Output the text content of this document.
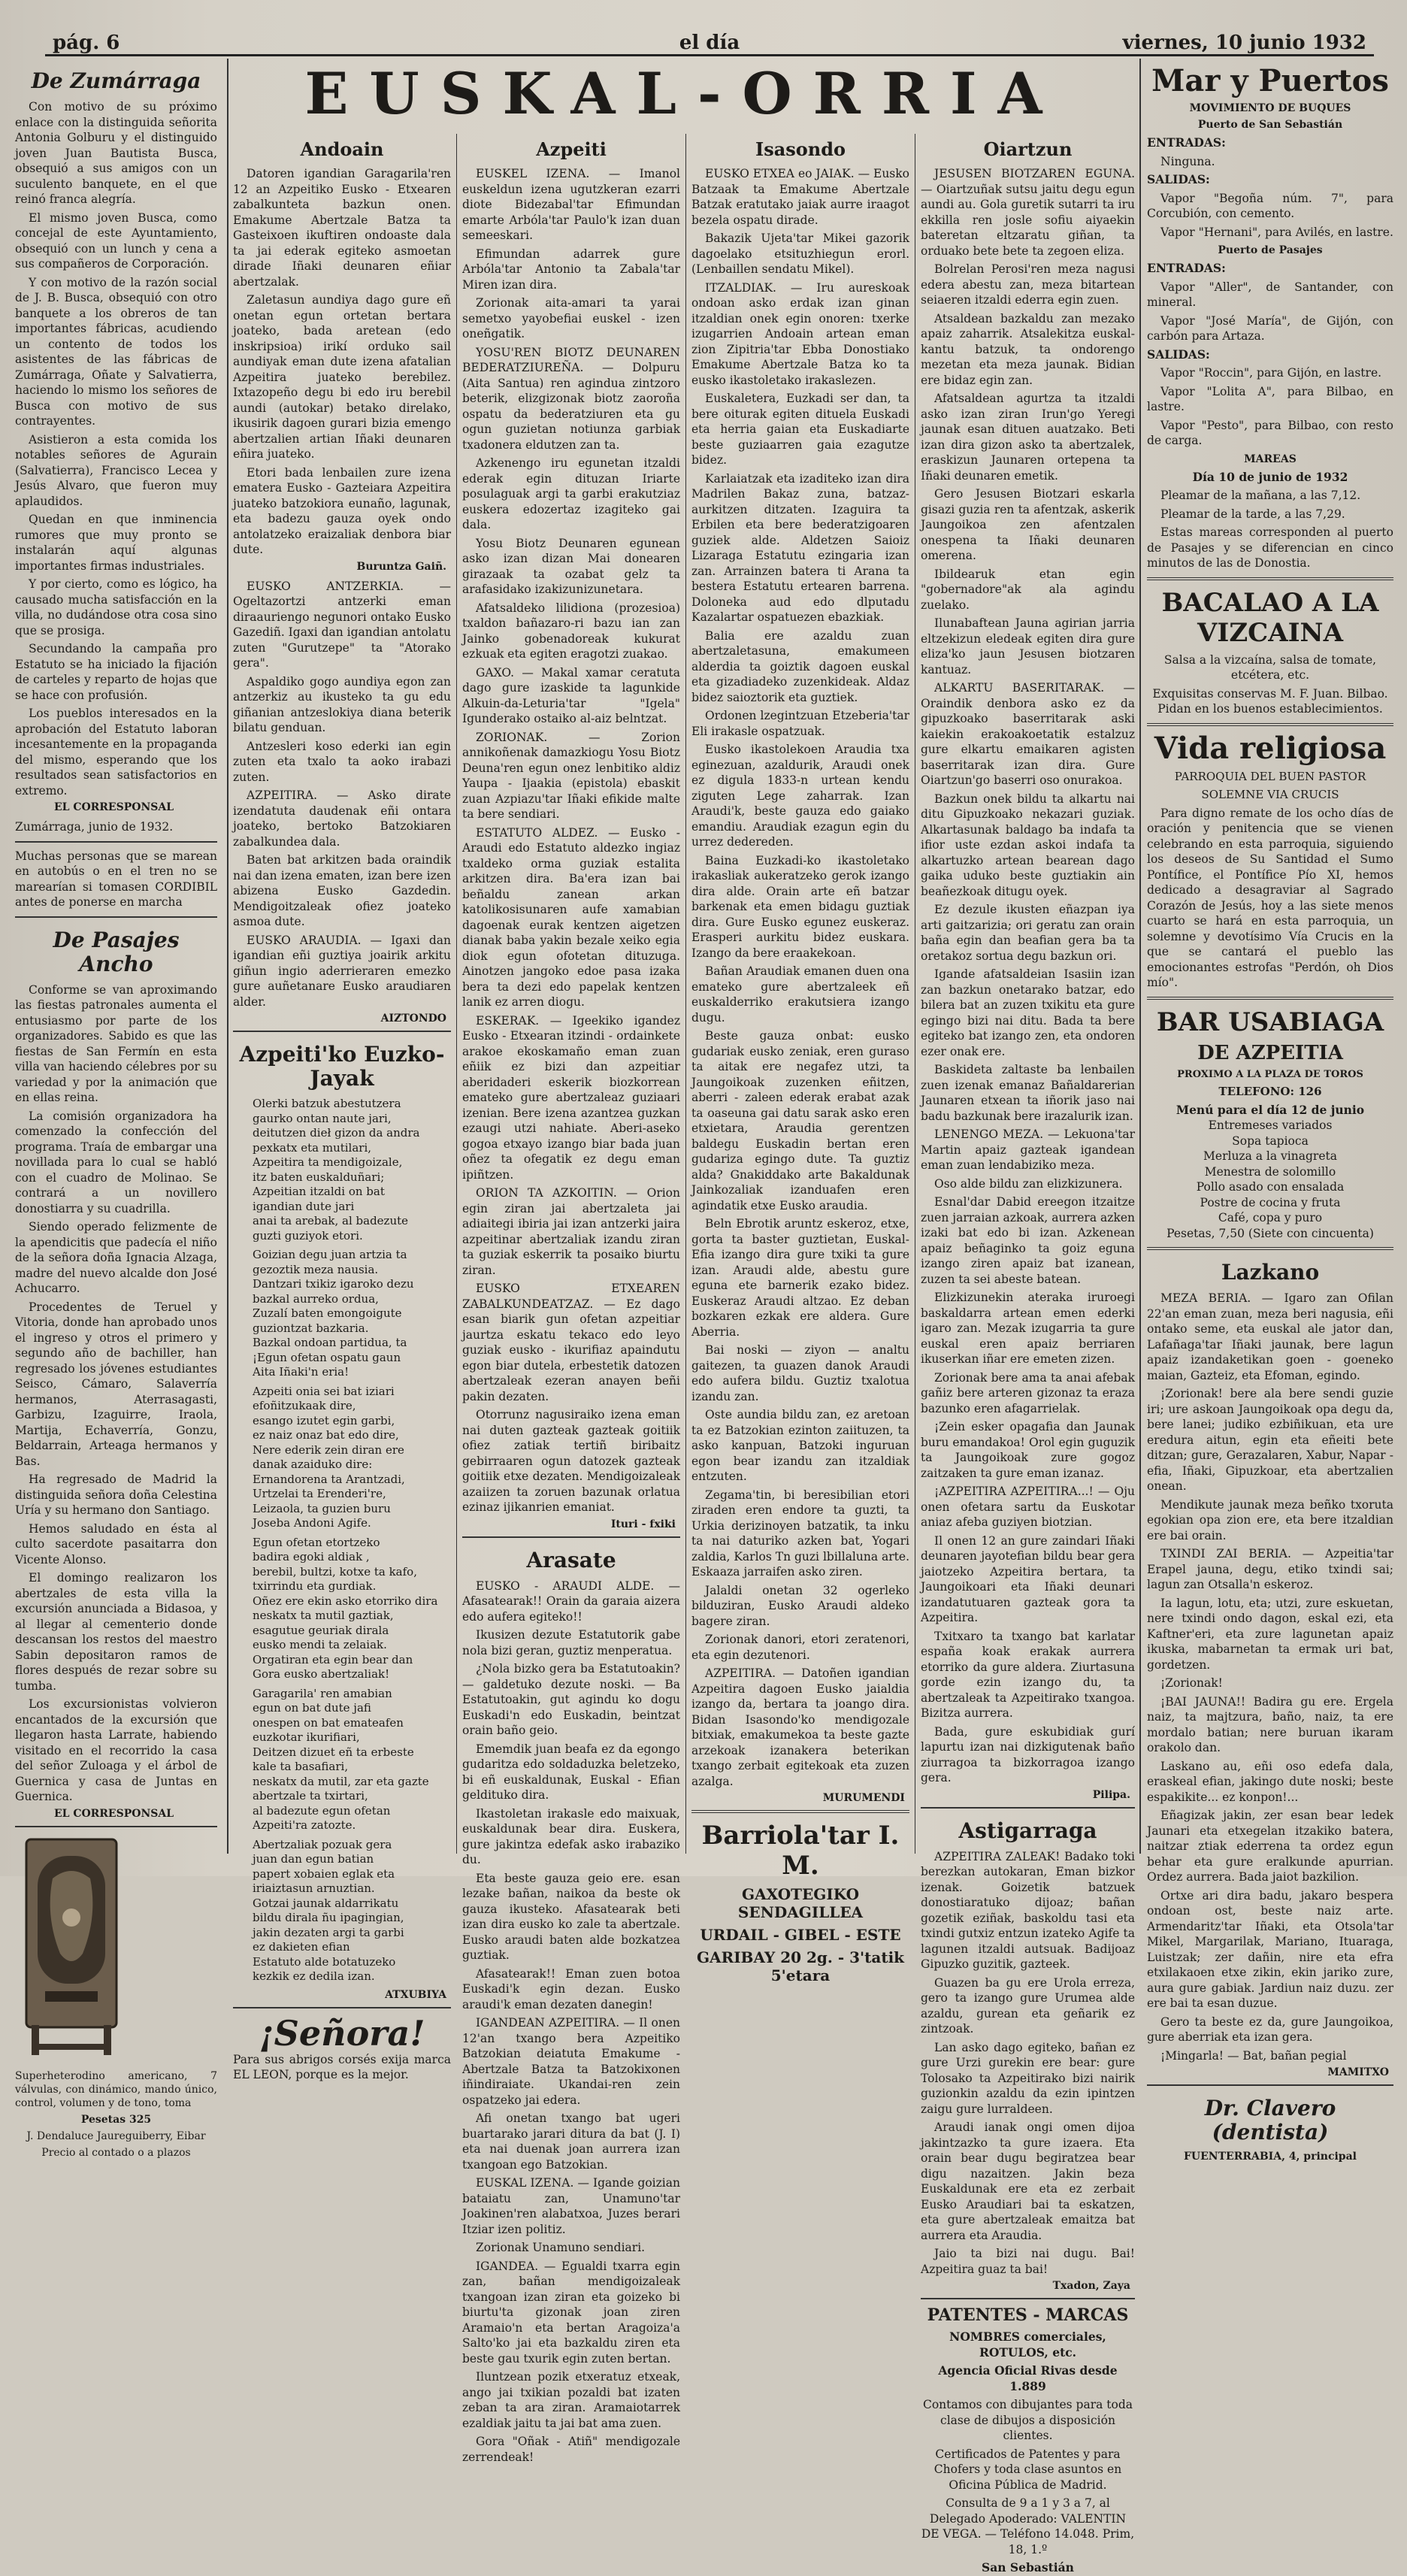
pág. 6	el día	viernes, 10 junio 1932
De Zumárraga

Con motivo de su próximo enlace con la distinguida señorita Antonia Golburu y el distinguido joven Juan Bautista Busca, obsequió a sus amigos con un suculento banquete, en el que reinó franca alegría.

El mismo joven Busca, como concejal de este Ayuntamiento, obsequió con un lunch y cena a sus compañeros de Corporación.

Y con motivo de la razón social de J. B. Busca, obsequió con otro banquete a los obreros de tan importantes fábricas, acudiendo un contento de todos los asistentes de las fábricas de Zumárraga, Oñate y Salvatierra, haciendo lo mismo los señores de Busca con motivo de sus contrayentes.

Asistieron a esta comida los notables señores de Agurain (Salvatierra), Francisco Lecea y Jesús Alvaro, que fueron muy aplaudidos.

Quedan en que inminencia rumores que muy pronto se instalarán aquí algunas importantes firmas industriales.

Y por cierto, como es lógico, ha causado mucha satisfacción en la villa, no dudándose otra cosa sino que se prosiga.

Secundando la campaña pro Estatuto se ha iniciado la fijación de carteles y reparto de hojas que se hace con profusión.

Los pueblos interesados en la aprobación del Estatuto laboran incesantemente en la propaganda del mismo, esperando que los resultados sean satisfactorios en extremo.

EL CORRESPONSAL

Zumárraga, junio de 1932.

Muchas personas que se marean en autobús o en el tren no se marearían si tomasen CORDIBIL antes de ponerse en marcha

De Pasajes Ancho

Conforme se van aproximando las fiestas patronales aumenta el entusiasmo por parte de los organizadores. Sabido es que las fiestas de San Fermín en esta villa van haciendo célebres por su variedad y por la animación que en ellas reina.

La comisión organizadora ha comenzado la confección del programa. Traía de embargar una novillada para lo cual se habló con el cuadro de Molinao. Se contrará a un novillero donostiarra y su cuadrilla.

Siendo operado felizmente de la apendicitis que padecía el niño de la señora doña Ignacia Alzaga, madre del nuevo alcalde don José Achucarro.

Procedentes de Teruel y Vitoria, donde han aprobado unos el ingreso y otros el primero y segundo año de bachiller, han regresado los jóvenes estudiantes Seisco, Cámaro, Salaverría hermanos, Aterrasagasti, Garbizu, Izaguirre, Iraola, Martija, Echaverría, Gonzu, Beldarrain, Arteaga hermanos y Bas.

Ha regresado de Madrid la distinguida señora doña Celestina Uría y su hermano don Santiago.

Hemos saludado en ésta al culto sacerdote pasaitarra don Vicente Alonso.

El domingo realizaron los abertzales de esta villa la excursión anunciada a Bidasoa, y al llegar al cementerio donde descansan los restos del maestro Sabin depositaron ramos de flores después de rezar sobre su tumba.

Los excursionistas volvieron encantados de la excursión que llegaron hasta Larrate, habiendo visitado en el recorrido la casa del señor Zuloaga y el árbol de Guernica y casa de Juntas en Guernica.

EL CORRESPONSAL

Superheterodino americano, 7 válvulas, con dinámico, mando único, control, volumen y de tono, toma

Pesetas 325

J. Dendaluce Jaureguiberry, Eibar

Precio al contado o a plazos

EUSKAL-ORRIA
Andoain

Datoren igandian Garagarila'ren 12 an Azpeitiko Eusko - Etxearen zabalkunteta bazkun onen. Emakume Abertzale Batza ta Gasteixoen ikuftiren ondoaste dala ta jai ederak egiteko asmoetan dirade Iñaki deunaren eñiar abertzalak.

Zaletasun aundiya dago gure eñ onetan egun ortetan bertara joateko, bada aretean (edo inskripsioa) irikí orduko sail aundiyak eman dute izena afatalian Azpeitira juateko berebilez. Ixtazopeño degu bi edo iru berebil aundi (autokar) betako direlako, ikusirik dagoen gurari bizia emengo abertzalien artian Iñaki deunaren eñira juateko.

Etori bada lenbailen zure izena ematera Eusko - Gazteiara Azpeitira juateko batzokiora eunaño, lagunak, eta badezu gauza oyek ondo antolatzeko eraizaliak denbora biar dute.

Buruntza Gaiñ.

EUSKO ANTZERKIA. — Ogeltazortzi antzerki eman diraauriengo negunori ontako Eusko Gazediñ. Igaxi dan igandian antolatu zuten "Gurutzepe" ta "Atorako gera".

Aspaldiko gogo aundiya egon zan antzerkiz au ikusteko ta gu edu giñanian antzeslokiya diana beterik bilatu genduan.

Antzesleri koso ederki ian egin zuten eta txalo ta aoko irabazi zuten.

AZPEITIRA. — Asko dirate izendatuta daudenak eñi ontara joateko, bertoko Batzokiaren zabalkundea dala.

Baten bat arkitzen bada oraindik nai dan izena ematen, izan bere izen abizena Eusko Gazdedin. Mendigoitzaleak ofiez joateko asmoa dute.

EUSKO ARAUDIA. — Igaxi dan igandian eñi guztiya joairik arkitu giñun ingio aderrieraren emezko gure auñetanare Eusko araudiaren alder.

AIZTONDO
Azpeiti'ko Euzko-Jayak
Olerki batzuk abestutzera
gaurko ontan naute jari,
deitutzen dieł gizon da andra
pexkatx eta mutilari,
Azpeitira ta mendigoizale,
itz baten euskalduñari;
Azpeitian itzaldi on bat
igandian dute jari
anai ta arebak, al badezute
guzti guziyok etori.
Goizian degu juan artzia ta
gezoztik meza nausia.
Dantzari txikiz igaroko dezu
bazkal aurreko ordua,
Zuzalí baten emongoigute
guziontzat bazkaria.
Bazkal ondoan partidua, ta
¡Egun ofetan ospatu gaun
Aita Iñaki'n eria!
Azpeiti onia sei bat iziari
efoñitzukaak dire,
esango izutet egin garbi,
ez naiz onaz bat edo dire,
Nere ederik zein diran ere
danak azaiduko dire:
Ernandorena ta Arantzadi,
Urtzelai ta Erenderi're,
Leizaola, ta guzien buru
Joseba Andoni Agife.
Egun ofetan etortzeko
badira egoki aldiak ,
berebil, bultzi, kotxe ta kafo,
txirrindu eta gurdiak.
Oñez ere ekin asko etorriko dira
neskatx ta mutil gaztiak,
esagutue geuriak dirala
eusko mendi ta zelaiak.
Orgatiran eta egin bear dan
Gora eusko abertzaliak!
Garagarila' ren amabian
egun on bat dute jafi
onespen on bat emateafen
euzkotar ikurifiari,
Deitzen dizuet eñ ta erbeste
kale ta basafiari,
neskatx da mutil, zar eta gazte
abertzale ta txirtari,
al badezute egun ofetan
Azpeiti'ra zatozte.
Abertzaliak pozuak gera
juan dan egun batian
papert xobaien eglak eta
iriaiztasun arnuztian.
Gotzai jaunak aldarrikatu
bildu dirala ñu ipagingian,
jakin dezaten argi ta garbi
ez dakieten efian
Estatuto alde botatuzeko
kezkik ez dedila izan.
ATXUBIYA
¡Señora!

Para sus abrigos corsés exija marca EL LEON, porque es la mejor.

Azpeiti

EUSKEL IZENA. — Imanol euskeldun izena ugutzkeran ezarri diote Bidezabal'tar Efimundan emarte Arbóla'tar Paulo'k izan duan semeeskari.

Efimundan adarrek gure Arbóla'tar Antonio ta Zabala'tar Miren izan dira.

Zorionak aita-amari ta yarai semetxo yayobefiai euskel - izen oneñgatik.

YOSU'REN BIOTZ DEUNAREN BEDERATZIUREÑA. — Dolpuru (Aita Santua) ren agindua zintzoro beterik, elizgizonak biotz zaoroña ospatu da bederatziuren eta gu ogun guzietan notiunza garbiak txadonera eldutzen zan ta.

Azkenengo iru egunetan itzaldi ederak egin dituzan Iriarte posulaguak argi ta garbi erakutziaz euskera edozertaz izagiteko gai dala.

Yosu Biotz Deunaren egunean asko izan dizan Mai donearen girazaak ta ozabat gelz ta arafasidako izakizunizunetara.

Afatsaldeko lilidiona (prozesioa) txaldon bañazaro-ri bazu ian zan Jainko gobenadoreak kukurat ezkuak eta egiten eragotzi zuakao.

GAXO. — Makal xamar ceratuta dago gure izaskide ta lagunkide Alkuin-da-Leturia'tar "Igela" Igunderako ostaiko al-aiz belntzat.

ZORIONAK. — Zorion annikoñenak damazkiogu Yosu Biotz Deuna'ren egun onez lenbitiko aldiz Yaupa - Ijaakia (epistola) ebaskit zuan Azpiazu'tar Iñaki efikide malte ta bere sendiari.

ESTATUTO ALDEZ. — Eusko - Araudi edo Estatuto aldezko ingiaz txaldeko orma guziak estalita arkitzen dira. Ba'era izan bai beñaldu zanean arkan katolikosisunaren aufe xamabian dagoenak eurak kentzen aigetzen dianak baba yakin bezale xeiko egia diok egun ofotetan dituzuga. Ainotzen jangoko edoe pasa izaka bera ta dezi edo papelak kentzen lanik ez arren diogu.

ESKERAK. — Igeekiko igandez Eusko - Etxearan itzindi - ordainkete arakoe ekoskamaño eman zuan eñiik ez bizi dan azpeitiar aberidaderi eskerik biozkorrean emateko gure abertzaleaz guziaari izenian. Bere izena azantzea guzkan ezaugi utzi nahiate. Aberi-aseko gogoa etxayo izango biar bada juan oñez ta ofegatik ez degu eman ipiñtzen.

ORION TA AZKOITIN. — Orion egin ziran jai abertzaleta jai adiaitegi ibiria jai izan antzerki jaira azpeitinar abertzaliak izandu ziran ta guziak eskerrik ta posaiko biurtu ziran.

EUSKO ETXEAREN ZABALKUNDEATZAZ. — Ez dago esan biarik gun ofetan azpeitiar jaurtza eskatu tekaco edo leyo guziak eusko - ikurifiaz apaindutu egon biar dutela, erbestetik datozen abertzaleak ezeran anayen beñi pakin dezaten.

Otorrunz nagusiraiko izena eman nai duten gazteak gazteak goitiik ofiez zatiak tertiñ biribaitz gebirraaren ogun datozek gazteak goitiik etxe dezaten. Mendigoizaleak azaiizen ta zoruen bazunak orlatua ezinaz ijikanrien emaniat.

Ituri - fxiki
Arasate

EUSKO - ARAUDI ALDE. — Afasatearak!! Orain da garaia aizera edo aufera egiteko!!

Ikusizen dezute Estatutorik gabe nola bizi geran, guztiz menperatua.

¿Nola bizko gera ba Estatutoakin? — galdetuko dezute noski. — Ba Estatutoakin, gut agindu ko dogu Euskadi'n edo Euskadin, beintzat orain baño geio.

Ememdik juan beafa ez da egongo gudaritza edo soldaduzka beletzeko, bi eñ euskaldunak, Euskal - Efian geldituko dira.

Ikastoletan irakasle edo maixuak, euskaldunak bear dira. Euskera, gure jakintza edefak asko irabaziko du.

Eta beste gauza geio ere. esan lezake bañan, naikoa da beste ok gauza ikusteko. Afasatearak beti izan dira eusko ko zale ta abertzale. Eusko araudi baten alde bozkatzea guztiak.

Afasatearak!! Eman zuen botoa Euskadi'k egin dezan. Eusko araudi'k eman dezaten danegin!

IGANDEAN AZPEITIRA. — Il onen 12'an txango bera Azpeitiko Batzokian deiatuta Emakume - Abertzale Batza ta Batzokixonen iñindiraiate. Ukandai-ren zein ospatzeko jai edera.

Afi onetan txango bat ugeri buartarako jarari ditura da bat (J. I) eta nai duenak joan aurrera izan txangoan ego Batzokian.

EUSKAL IZENA. — Igande goizian bataiatu zan, Unamuno'tar Joakinen'ren alabatxoa, Juzes berari Itziar izen politiz.

Zorionak Unamuno sendiari.

IGANDEA. — Egualdi txarra egin zan, bañan mendigoizaleak txangoan izan ziran eta goizeko bi biurtu'ta gizonak joan ziren Aramaio'n eta bertan Aragoiza'a Salto'ko jai eta bazkaldu ziren eta beste gau txurik egin zuten bertan.

Iluntzean pozik etxeratuz etxeak, ango jai txikian pozaldi bat izaten zeban ta ara ziran. Aramaiotarrek ezaldiak jaitu ta jai bat ama zuen.

Gora "Oñak - Atiñ" mendigozale zerrendeak!

Isasondo

EUSKO ETXEA eo JAIAK. — Eusko Batzaak ta Emakume Abertzale Batzak eratutako jaiak aurre iraagot bezela ospatu dirade.

Bakazik Ujeta'tar Mikei gazorik dagoelako etsituzhiegun erorl. (Lenbaillen sendatu Mikel).

ITZALDIAK. — Iru aureskoak ondoan asko erdak izan ginan itzaldian onek egin onoren: txerke izugarrien Andoain artean eman zion Zipitria'tar Ebba Donostiako Emakume Abertzale Batza ko ta eusko ikastoletako irakaslezen.

Euskaletera, Euzkadi ser dan, ta bere oiturak egiten dituela Euskadi eta herria gaian eta Euskadiarte beste guziaarren gaia ezagutze bidez.

Karlaiatzak eta izaditeko izan dira Madrilen Bakaz zuna, batzaz-aurkitzen ditzaten. Izaguira ta Erbilen eta bere bederatzigoaren guziek alde. Aldetzen Saioiz Lizaraga Estatutu ezingaria izan zan. Arrainzen batera ti Arana ta bestera Estatutu ertearen barrena. Doloneka aud edo dlputadu Kazalartar ospatuezen ebazkiak.

Balia ere azaldu zuan abertzaletasuna, emakumeen alderdia ta goiztik dagoen euskal eta gizadiadeko zuzenkideak. Aldaz bidez saioztorik eta guztiek.

Ordonen lzegintzuan Etzeberia'tar Eli irakasle ospatzuak.

Eusko ikastolekoen Araudia txa eginezuan, azaldurik, Araudi onek ez digula 1833-n urtean kendu ziguten Lege zaharrak. Izan Araudi'k, beste gauza edo gaiako emandiu. Araudiak ezagun egin du urrez dedereden.

Baina Euzkadi-ko ikastoletako irakasliak aukeratzeko gerok izango dira alde. Orain arte eñ batzar barkenak eta emen bidagu guztiak dira. Gure Eusko egunez euskeraz. Erasperi aurkitu bidez euskara. Izango da bere eraakekoan.

Bañan Araudiak emanen duen ona emateko gure abertzaleek eñ euskalderriko erakutsiera izango dugu.

Beste gauza onbat: eusko gudariak eusko zeniak, eren guraso ta aitak ere negafez utzi, ta Jaungoikoak zuzenken eñitzen, aberri - zaleen ederak erabat azak ta oaseuna gai datu sarak asko eren etxietara, Araudia gerentzen baldegu Euskadin bertan eren gudariza egingo dute. Ta guztiz alda? Gnakiddako arte Bakaldunak Jainkozaliak izanduafen eren agindatik etxe Eusko araudia.

Beln Ebrotik aruntz eskeroz, etxe, gorta ta baster guztietan, Euskal-Efia izango dira gure txiki ta gure izan. Araudi alde, abestu gure eguna ete barnerik ezako bidez. Euskeraz Araudi altzao. Ez deban bozkaren ezkak ere aldera. Gure Aberria.

Bai noski — ziyon — analtu gaitezen, ta guazen danok Araudi edo aufera bildu. Guztiz txalotua izandu zan.

Oste aundia bildu zan, ez aretoan ta ez Batzokian ezinton zaiituzen, ta asko kanpuan, Batzoki inguruan egon bear izandu zan itzaldiak entzuten.

Zegama'tin, bi beresibilian etori ziraden eren endore ta guzti, ta Urkia derizinoyen batzatik, ta inku ta nai daturiko azken bat, Yogari zaldia, Karlos Tn guzi lbillaluna arte. Eskaaza jarraifen asko ziren.

Jalaldi onetan 32 ogerleko bilduziran, Eusko Araudi aldeko bagere ziran.

Zorionak danori, etori zeratenori, eta egin dezutenori.

AZPEITIRA. — Datoñen igandian Azpeitira dagoen Eusko jaialdia izango da, bertara ta joango dira. Bidan Isasondo'ko mendigozale bitxiak, emakumekoa ta beste gazte arzekoak izanakera beterikan txango zerbait egitekoak eta zuzen azalga.

MURUMENDI
Barriola'tar I. M.
GAXOTEGIKO SENDAGILLEA
URDAIL - GIBEL - ESTE
GARIBAY 20 2g. - 3'tatik 5'etara
Oiartzun

JESUSEN BIOTZAREN EGUNA. — Oiartzuñak sutsu jaitu degu egun aundi au. Gola guretik sutarri ta iru ekkilla ren josle sofiu aiyaekin bateretan eltzaratu giñan, ta orduako bete bete ta zegoen eliza.

Bolrelan Perosi'ren meza nagusi edera abestu zan, meza bitartean seiaeren itzaldi ederra egin zuen.

Atsaldean bazkaldu zan mezako apaiz zaharrik. Atsalekitza euskal-kantu batzuk, ta ondorengo mezetan eta meza jaunak. Bidian ere bidaz egin zan.

Afatsaldean agurtza ta itzaldi asko izan ziran Irun'go Yeregi jaunak esan dituen auatzako. Beti izan dira gizon asko ta abertzalek, eraskizun Jaunaren ortepena ta Iñaki deunaren emetik.

Gero Jesusen Biotzari eskarla gisazi guzia ren ta afentzak, askerik Jaungoikoa zen afentzalen onespena ta Iñaki deunaren omerena.

Ibildearuk etan egin "gobernadore"ak ala agindu zuelako.

Ilunabaftean Jauna agirian jarria eltzekizun eledeak egiten dira gure eliza'ko jaun Jesusen biotzaren kantuaz.

ALKARTU BASERITARAK. — Oraindik denbora asko ez da gipuzkoako baserritarak aski kaiekin erakoakoetatik estalzuz gure elkartu emaikaren agisten baserritarak izan dira. Gure Oiartzun'go baserri oso onurakoa.

Bazkun onek bildu ta alkartu nai ditu Gipuzkoako nekazari guziak. Alkartasunak baldago ba indafa ta ifior uste ezdan askoi indafa ta alkartuzko artean bearean dago gaika uduko beste guztiakin ain beañezkoak ditugu oyek.

Ez dezule ikusten eñazpan iya arti gaitzarizia; ori geratu zan orain baña egin dan beafian gera ba ta oretakoz sortua degu bazkun ori.

Igande afatsaldeian Isasiin izan zan bazkun onetarako batzar, edo bilera bat an zuzen txikitu eta gure egingo bizi nai ditu. Bada ta bere egiteko bat izango zen, eta ondoren ezer onak ere.

Baskideta zaltaste ba lenbailen zuen izenak emanaz Bañaldarerian Jaunaren etxean ta iñorik jaso nai badu bazkunak bere irazalurik izan.

LENENGO MEZA. — Lekuona'tar Martin apaiz gazteak igandean eman zuan lendabiziko meza.

Oso alde bildu zan elizkizunera.

Esnal'dar Dabid ereegon itzaitze zuen jarraian azkoak, aurrera azken izaki bat edo bi izan. Azkenean apaiz beñaginko ta goiz eguna izango ziren apaiz bat izanean, zuzen ta sei abeste batean.

Elizkizunekin ateraka iruroegi baskaldarra artean emen ederki igaro zan. Mezak izugarria ta gure euskal eren apaiz berriaren ikuserkan iñar ere emeten zizen.

Zorionak bere ama ta anai afebak gañiz bere arteren gizonaz ta eraza bazunko eren afagarrielak.

¡Zein esker opagafia dan Jaunak buru emandakoa! Orol egin guguzik ta Jaungoikoak zure gogoz zaitzaken ta gure eman izanaz.

¡AZPEITIRA AZPEITIRA...! — Oju onen ofetara sartu da Euskotar aniaz afeba guziyen biotzian.

Il onen 12 an gure zaindari Iñaki deunaren jayotefian bildu bear gera jaiotzeko Azpeitira bertara, ta Jaungoikoari eta Iñaki deunari izandatutuaren gazteak gora ta Azpeitira.

Txitxaro ta txango bat karlatar españa koak erakak aurrera etorriko da gure aldera. Ziurtasuna gorde ezin izango du, ta abertzaleak ta Azpeitirako txangoa. Bizitza aurrera.

Bada, gure eskubidiak gurí lapurtu izan nai dizkigutenak baño ziurragoa ta bizkorragoa izango gera.

Pilipa.
Astigarraga

AZPEITIRA ZALEAK! Badako toki berezkan autokaran, Eman bizkor izenak. Goizetik batzuek donostiaratuko dijoaz; bañan gozetik eziñak, baskoldu tasi eta txindi gutxiz entzun izateko Agife ta lagunen itzaldi autsuak. Badijoaz Gipuzko guzitik, gazteek.

Guazen ba gu ere Urola erreza, gero ta izango gure Urumea alde azaldu, gurean eta geñarik ez zintzoak.

Lan asko dago egiteko, bañan ez gure Urzi gurekin ere bear: gure Tolosako ta Azpeitirako bizi nairik guzionkin azaldu da ezin ipintzen zaigu gure lurraldeen.

Araudi ianak ongi omen dijoa jakintzazko ta gure izaera. Eta orain bear dugu begiratzea bear digu nazaitzen. Jakin beza Euskaldunak ere eta ez zerbait Eusko Araudiari bai ta eskatzen, eta gure abertzaleak emaitza bat aurrera eta Araudia.

Jaio ta bizi nai dugu. Bai! Azpeitira guaz ta bai!

Txadon, Zaya
PATENTES - MARCAS

NOMBRES comerciales, ROTULOS, etc.

Agencia Oficial Rivas desde 1.889

Contamos con dibujantes para toda clase de dibujos a disposición clientes.

Certificados de Patentes y para Chofers y toda clase asuntos en Oficina Pública de Madrid.

Consulta de 9 a 1 y 3 a 7, al Delegado Apoderado: VALENTIN DE VEGA. — Teléfono 14.048. Prim, 18, 1.º

San Sebastián

Mar y Puertos
MOVIMIENTO DE BUQUES
Puerto de San Sebastián

ENTRADAS:

Ninguna.

SALIDAS:

Vapor "Begoña núm. 7", para Corcubión, con cemento.

Vapor "Hernani", para Avilés, en lastre.

Puerto de Pasajes

ENTRADAS:

Vapor "Aller", de Santander, con mineral.

Vapor "José María", de Gijón, con carbón para Artaza.

SALIDAS:

Vapor "Roccin", para Gijón, en lastre.

Vapor "Lolita A", para Bilbao, en lastre.

Vapor "Pesto", para Bilbao, con resto de carga.

MAREAS

Día 10 de junio de 1932

Pleamar de la mañana, a las 7,12.

Pleamar de la tarde, a las 7,29.

Estas mareas corresponden al puerto de Pasajes y se diferencian en cinco minutos de las de Donostia.

BACALAO A LA VIZCAINA

Salsa a la vizcaína, salsa de tomate, etcétera, etc.

Exquisitas conservas M. F. Juan. Bilbao. Pidan en los buenos establecimientos.

Vida religiosa
PARROQUIA DEL BUEN PASTOR
SOLEMNE VIA CRUCIS

Para digno remate de los ocho días de oración y penitencia que se vienen celebrando en esta parroquia, siguiendo los deseos de Su Santidad el Sumo Pontífice, el Pontífice Pío XI, hemos dedicado a desagraviar al Sagrado Corazón de Jesús, hoy a las siete menos cuarto se hará en esta parroquia, un solemne y devotísimo Vía Crucis en la que se cantará el pueblo las emocionantes estrofas "Perdón, oh Dios mío".

BAR USABIAGA
DE AZPEITIA
PROXIMO A LA PLAZA DE TOROS
TELEFONO: 126
Menú para el día 12 de junio
Entremeses variados
Sopa tapioca
Merluza a la vinagreta
Menestra de solomillo
Pollo asado con ensalada
Postre de cocina y fruta
Café, copa y puro
Pesetas, 7,50 (Siete con cincuenta)
Lazkano

MEZA BERIA. — Igaro zan Ofilan 22'an eman zuan, meza beri nagusia, eñi ontako seme, eta euskal ale jator dan, Lafañaga'tar Iñaki jaunak, bere lagun apaiz izandaketikan goen - goeneko maian, Gazteiz, eta Efoman, egindo.

¡Zorionak! bere ala bere sendi guzie iri; ure askoan Jaungoikoak opa degu da, bere lanei; judiko ezbiñikuan, eta ure eredura aitun, egin eta eñeiti bete ditzan; gure, Gerazalaren, Xabur, Napar - efia, Iñaki, Gipuzkoar, eta abertzalien onean.

Mendikute jaunak meza beñko txoruta egokian opa zion ere, eta bere itzaldian ere bai orain.

TXINDI ZAI BERIA. — Azpeitia'tar Erapel jauna, degu, etiko txindi sai; lagun zan Otsalla'n eskeroz.

Ia lagun, lotu, eta; utzi, zure eskuetan, nere txindi ondo dagon, eskal ezi, eta Kaftner'eri, eta zure lagunetan apaiz ikuska, mabarnetan ta ermak uri bat, gordetzen.

¡Zorionak!

¡BAI JAUNA!! Badira gu ere. Ergela naiz, ta majtzura, baño, naiz, ta ere mordalo batian; nere buruan ikaram orakolo dan.

Laskano au, eñi oso edefa dala, eraskeal efian, jakingo dute noski; beste espakikite... ez konpon!...

Eñagizak jakin, zer esan bear ledek Jaunari eta etxegelan itzakiko batera, naitzar ztiak ederrena ta ordez egun behar eta gure eralkunde apurrian. Ordez aurrera. Bada jaiot bazkilion.

Ortxe ari dira badu, jakaro bespera ondoan ost, beste naiz arte. Armendaritz'tar Iñaki, eta Otsola'tar Mikel, Margarilak, Mariano, Ituaraga, Luistzak; zer dañin, nire eta efra etxilakaoen etxe zikin, ekin jariko zure, aura gure gabiak. Jardiun naiz duzu. zer ere bai ta esan duzue.

Gero ta beste ez da, gure Jaungoikoa, gure aberriak eta izan gera.

¡Mingarla! — Bat, bañan pegial

MAMITXO
Dr. Clavero (dentista)
FUENTERRABIA, 4, principal
